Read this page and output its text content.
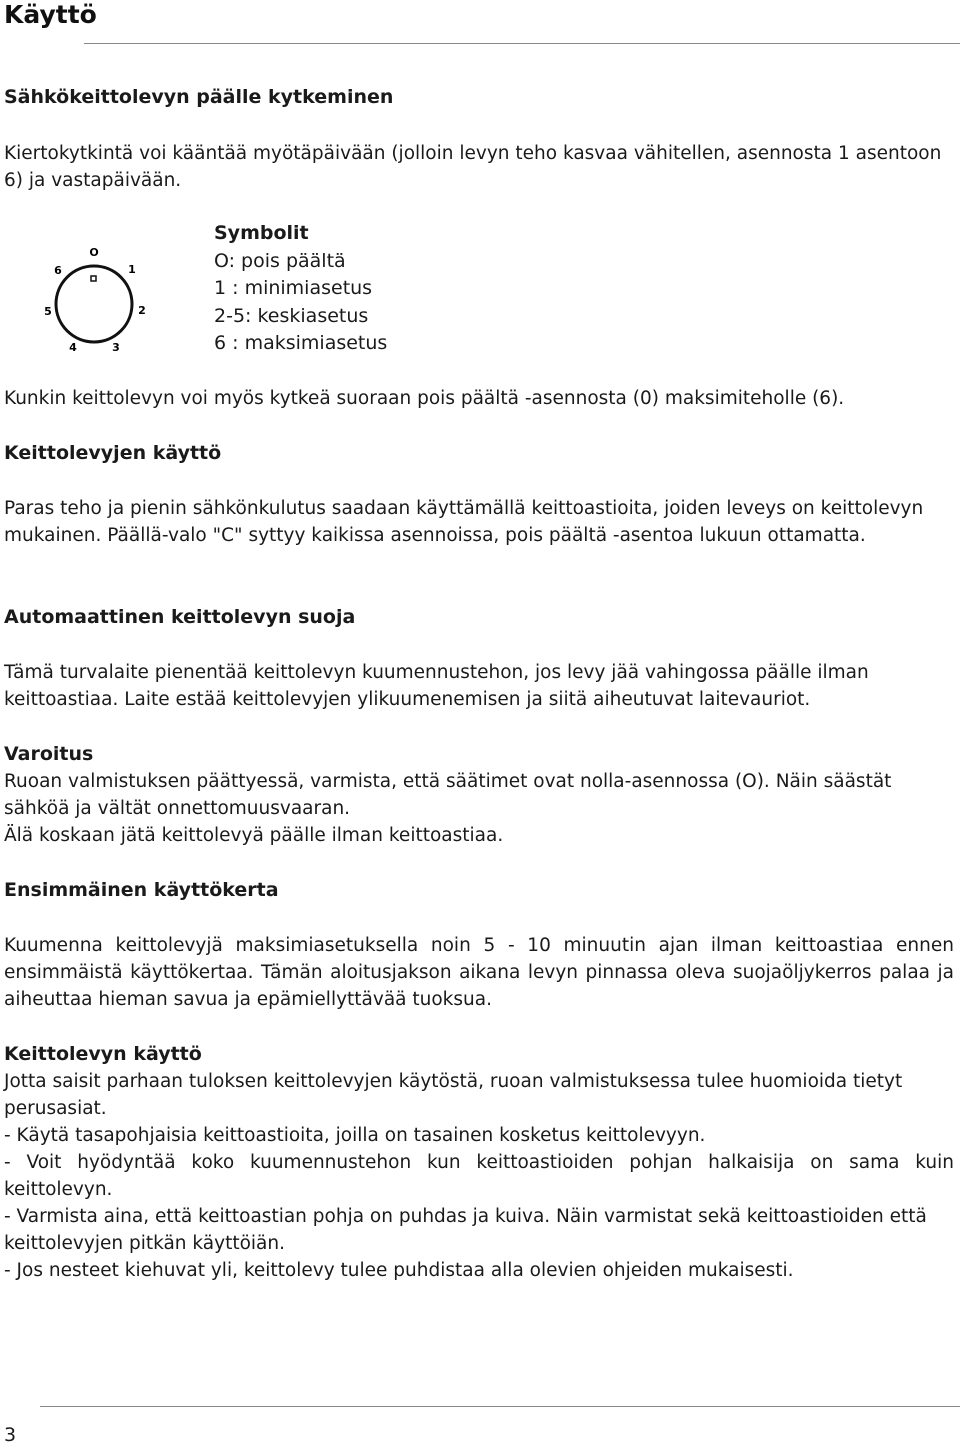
Käyttö
Sähkökeittolevyn päälle kytkeminen

Kiertokytkintä voi kääntää myötäpäivään (jolloin levyn teho kasvaa vähitellen, asennosta 1 asentoon 6) ja vastapäivään.

O
1
2
3
4
5
6
Symbolit
O: pois päältä
1 : minimiasetus
2-5: keskiasetus
6 : maksimiasetus

Kunkin keittolevyn voi myös kytkeä suoraan pois päältä -asennosta (0) maksimiteholle (6).

Keittolevyjen käyttö

Paras teho ja pienin sähkönkulutus saadaan käyttämällä keittoastioita, joiden leveys on keittolevyn mukainen. Päällä-valo "C" syttyy kaikissa asennoissa, pois päältä -asentoa lukuun ottamatta.

Automaattinen keittolevyn suoja

Tämä turvalaite pienentää keittolevyn kuumennustehon, jos levy jää vahingossa päälle ilman keittoastiaa. Laite estää keittolevyjen ylikuumenemisen ja siitä aiheutuvat laitevauriot.

Varoitus

Ruoan valmistuksen päättyessä, varmista, että säätimet ovat nolla-asennossa (O). Näin säästät sähköä ja vältät onnettomuusvaaran.

Älä koskaan jätä keittolevyä päälle ilman keittoastiaa.

Ensimmäinen käyttökerta

Kuumenna keittolevyjä maksimiasetuksella noin 5 - 10 minuutin ajan ilman keittoastiaa ennen ensimmäistä käyttökertaa. Tämän aloitusjakson aikana levyn pinnassa oleva suojaöljykerros palaa ja aiheuttaa hieman savua ja epämiellyttävää tuoksua.

Keittolevyn käyttö

Jotta saisit parhaan tuloksen keittolevyjen käytöstä, ruoan valmistuksessa tulee huomioida tietyt perusasiat.

- Käytä tasapohjaisia keittoastioita, joilla on tasainen kosketus keittolevyyn.

- Voit hyödyntää koko kuumennustehon kun keittoastioiden pohjan halkaisija on sama kuin keittolevyn.

- Varmista aina, että keittoastian pohja on puhdas ja kuiva. Näin varmistat sekä keittoastioiden että keittolevyjen pitkän käyttöiän.

- Jos nesteet kiehuvat yli, keittolevy tulee puhdistaa alla olevien ohjeiden mukaisesti.

3
